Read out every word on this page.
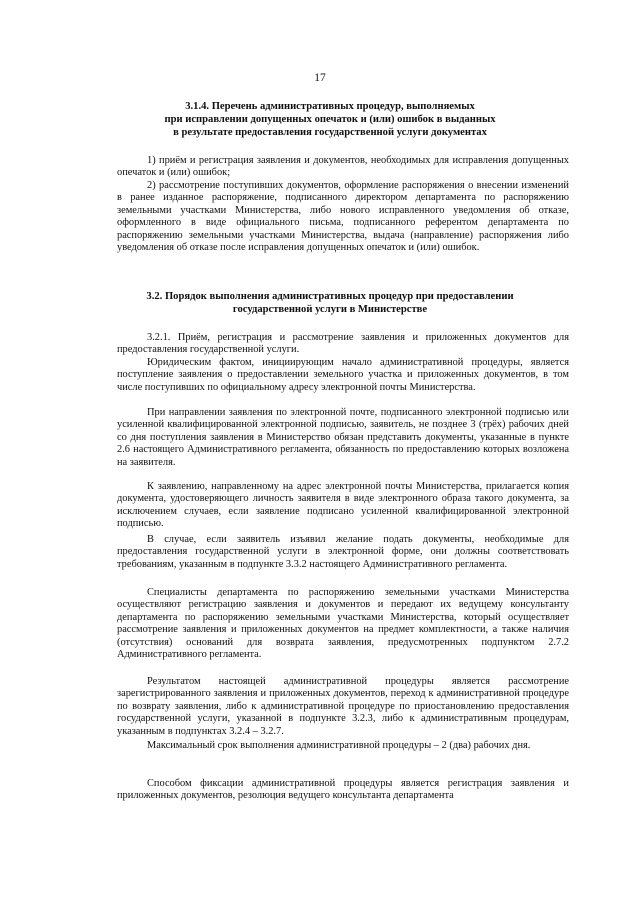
17
3.1.4. Перечень административных процедур, выполняемых
при исправлении допущенных опечаток и (или) ошибок в выданных
в результате предоставления государственной услуги документах

1) приём и регистрация заявления и документов, необходимых для исправления допущенных опечаток и (или) ошибок;

2) рассмотрение поступивших документов, оформление распоряжения о внесении изменений в ранее изданное распоряжение, подписанного директором департамента по распоряжению земельными участками Министерства, либо нового исправленного уведомления об отказе, оформленного в виде официального письма, подписанного референтом департамента по распоряжению земельными участками Министерства, выдача (направление) распоряжения либо уведомления об отказе после исправления допущенных опечаток и (или) ошибок.

3.2. Порядок выполнения административных процедур при предоставлении
государственной услуги в Министерстве

3.2.1. Приём, регистрация и рассмотрение заявления и приложенных документов для предоставления государственной услуги.

Юридическим фактом, инициирующим начало административной процедуры, является поступление заявления о предоставлении земельного участка и приложенных документов, в том числе поступивших по официальному адресу электронной почты Министерства.

При направлении заявления по электронной почте, подписанного электронной подписью или усиленной квалифицированной электронной подписью, заявитель, не позднее 3 (трёх) рабочих дней со дня поступления заявления в Министерство обязан представить документы, указанные в пункте 2.6 настоящего Административного регламента, обязанность по предоставлению которых возложена на заявителя.

К заявлению, направленному на адрес электронной почты Министерства, прилагается копия документа, удостоверяющего личность заявителя в виде электронного образа такого документа, за исключением случаев, если заявление подписано усиленной квалифицированной электронной подписью.

В случае, если заявитель изъявил желание подать документы, необходимые для предоставления государственной услуги в электронной форме, они должны соответствовать требованиям, указанным в подпункте 3.3.2 настоящего Административного регламента.

Специалисты департамента по распоряжению земельными участками Министерства осуществляют регистрацию заявления и документов и передают их ведущему консультанту департамента по распоряжению земельными участками Министерства, который осуществляет рассмотрение заявления и приложенных документов на предмет комплектности, а также наличия (отсутствия) оснований для возврата заявления, предусмотренных подпунктом 2.7.2 Административного регламента.

Результатом настоящей административной процедуры является рассмотрение зарегистрированного заявления и приложенных документов, переход к административной процедуре по возврату заявления, либо к административной процедуре по приостановлению предоставления государственной услуги, указанной в подпункте 3.2.3, либо к административным процедурам, указанным в подпунктах 3.2.4 – 3.2.7.

Максимальный срок выполнения административной процедуры – 2 (два) рабочих дня.

Способом фиксации административной процедуры является регистрация заявления и приложенных документов, резолюция ведущего консультанта департамента
